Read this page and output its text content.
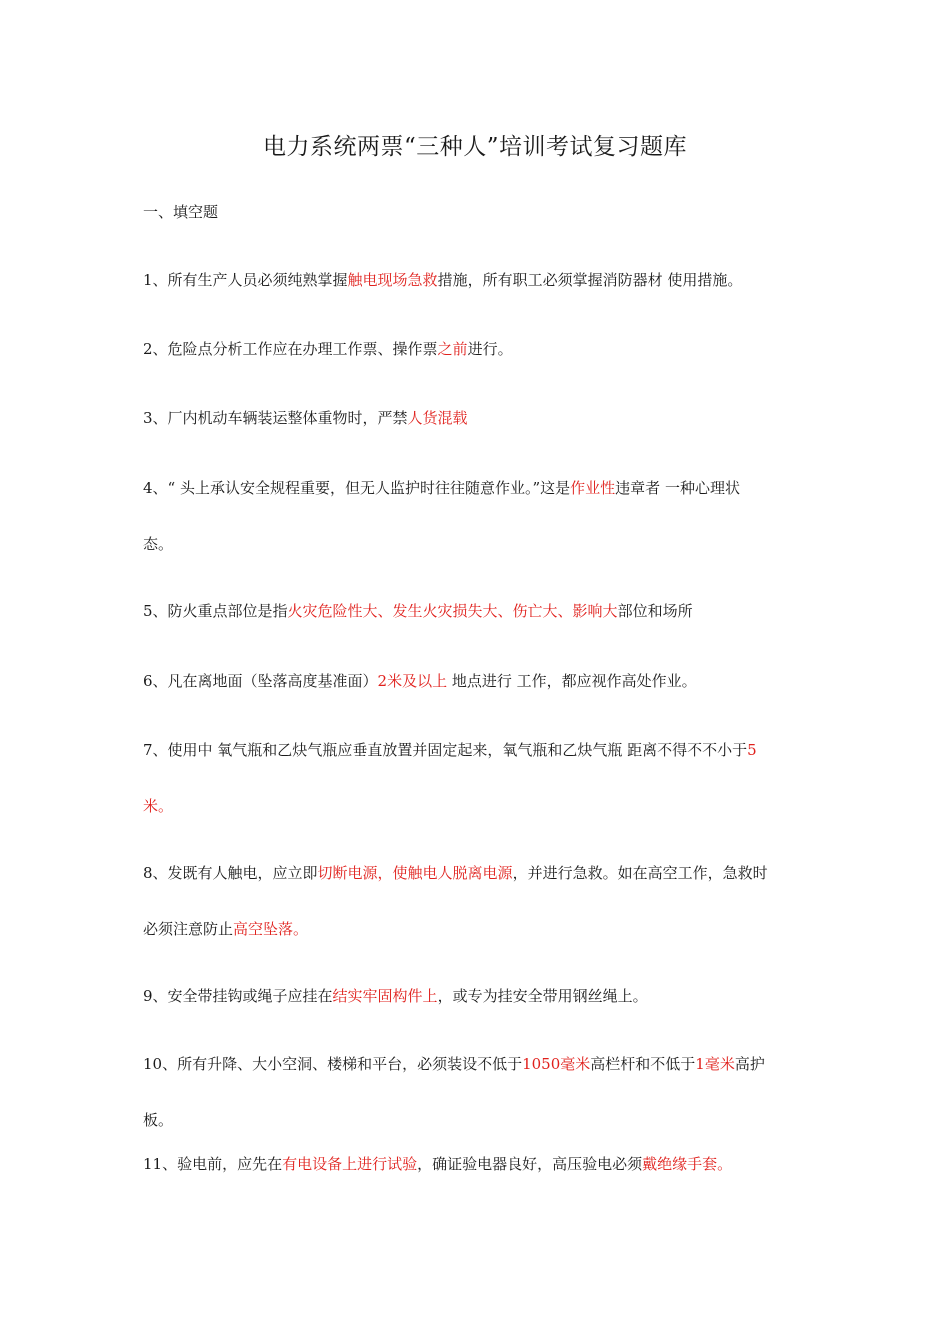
电力系统两票“三种人”培训考试复习题库
一、填空题
1、所有生产人员必须纯熟掌握触电现场急救措施，所有职工必须掌握消防器材 使用措施。
2、危险点分析工作应在办理工作票、操作票之前进行。
3、厂内机动车辆装运整体重物时，严禁人货混载
4、“ 头上承认安全规程重要，但无人监护时往往随意作业。”这是作业性违章者 一种心理状
态。
5、防火重点部位是指火灾危险性大、发生火灾损失大、伤亡大、影响大部位和场所
6、凡在离地面（坠落高度基准面）2米及以上 地点进行 工作，都应视作高处作业。
7、使用中 氧气瓶和乙炔气瓶应垂直放置并固定起来，氧气瓶和乙炔气瓶 距离不得不不小于5
米。
8、发既有人触电，应立即切断电源，使触电人脱离电源，并进行急救。如在高空工作，急救时
必须注意防止高空坠落。
9、安全带挂钩或绳子应挂在结实牢固构件上，或专为挂安全带用钢丝绳上。
10、所有升降、大小空洞、楼梯和平台，必须装设不低于1050毫米高栏杆和不低于1毫米高护
板。
11、验电前，应先在有电设备上进行试验，确证验电器良好，高压验电必须戴绝缘手套。
